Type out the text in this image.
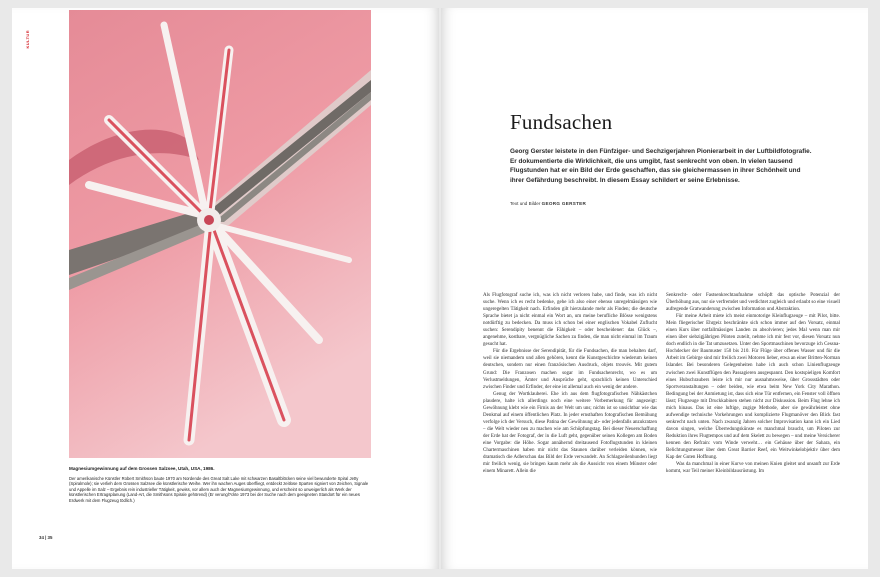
KULTUR

Magnesiumgewinnung auf dem Grossen Salzsee, Utah, USA, 1986.

Der amerikanische Künstler Robert Smithson baute 1970 am Nordende des Great Salt Lake mit schwarzen Basaltblöcken seine viel bewunderte Spiral Jetty (Spiralmole); sie verlieh dem Grossen Salzsee die künstlerische Weihe. Wer ihn wachen Auges überfliegt, entdeckt zeitlose Sparten signiert von Zeichen, Signale und Appelle im Salz – Ergebnis rein industrieller Tätigkeit, gewiss, vor allem auch der Magnesiumgewinnung, und erscheint so unweigerlich als Werk der künstlerischen Ertragsplanung (Land-Art, die Smithsons Spirale gehörend) (Er verungl?ckte 1973 bei der Suche nach dem geeigneten Standort für ein neues Erdwerk mit dem Flugzeug tödlich.)

34 | 35
Fundsachen

Georg Gerster leistete in den Fünfziger- und Sechzigerjahren Pionierarbeit in der Luftbildfotografie. Er dokumentierte die Wirklichkeit, die uns umgibt, fast senkrecht von oben. In vielen tausend Flugstunden hat er ein Bild der Erde geschaffen, das sie gleichermassen in ihrer Schönheit und ihrer Gefährdung beschreibt. In diesem Essay schildert er seine Erlebnisse.

Text und Bilder GEORG GERSTER

Als Flugfotograf suche ich, was ich nicht verloren habe, und finde, was ich nicht suche. Wenn ich es recht bedenke, gehe ich also einer ebenso unregelmässigen wie ungeregelten Tätigkeit nach. Erfinden gilt hierzulande mehr als Finden; die deutsche Sprache bietet ja nicht einmal ein Wort an, um meine berufliche Blösse wenigstens notdürftig zu bedecken. Da muss ich schon bei einer englischen Vokabel Zuflucht suchen: Serendipity benennt die Fähigkeit – oder bescheidener: das Glück –, angenehme, kostbare, vergnügliche Sachen zu finden, die man nicht einmal im Traum gesucht hat.

Für die Ergebnisse der Serendipität, für die Fundsachen, die man behalten darf, weil sie niemandem und allen gehören, kennt die Kunstgeschichte wiederum keinen deutschen, sondern nur einen französischen Ausdruck, objets trouvés. Mit gutem Grund: Die Franzosen machen sogar im Fundsachenrecht, wo es um Verlustmeldungen, Ämter und Ansprüche geht, sprachlich keinen Unterschied zwischen Finder und Erfinder, der eine ist allemal auch ein wenig der andere.

Genug der Wortklauberei. Ehe ich aus dem flugfotografischen Nähkästchen plaudere, halte ich allerdings noch eine weitere Vorbemerkung für angezeigt: Gewöhnung klebt wie ein Firnis an der Welt um uns; nichts ist so unsichtbar wie das Denkmal auf einem öffentlichen Platz. In jeder ernsthaften fotografischen Bemühung verfolge ich der Versuch, diese Patina der Gewöhnung ab- oder jedenfalls anzukratzen – die Welt wieder neu zu machen wie am Schöpfungstag. Bei dieser Neuerschaffung der Erde hat der Fotograf, der in die Luft geht, gegenüber seinen Kollegen am Boden eine Vorgabe: die Höhe. Sogar annähernd dreitausend Fotoflugstunden in kleinen Chartermaschinen haben mir nicht das Staunen darüber verleiden können, wie dramatisch die Adlerschau das Bild der Erde verwandelt. An Schlagzeilenhunden liegt mir freilich wenig, sie bringen kaum mehr als die Aussicht von einem Münster oder einem Minarett. Allein die

Senkrecht- oder Fastsenkrechtaufnahme schöpft das optische Potenzial der Überhöhung aus, nur sie verfremdet und verdichtet zugleich und erlaubt so eine visuell aufregende Gratwanderung zwischen Information und Abstraktion.

Für meine Arbeit miete ich meist einmotorige Kleinflugzeuge – mit Pilot, bitte. Mein fliegerischer Ehrgeiz beschränkte sich schon immer auf den Vorsatz, einmal einen Kurs über notfallmässiges Landen zu absolvieren; jedes Mal wenn man mir einen über siebzigjährigen Piloten zuteilt, nehme ich mir fest vor, diesen Vorsatz nun doch endlich in die Tat umzusetzen. Unter den Sportmaschinen bevorzuge ich Cessna-Hochdecker der Baumuster 150 bis 210. Für Flüge über offenes Wasser und für die Arbeit im Gebirge sind mir freilich zwei Motoren lieber, etwa an einer Britten-Norman Islander. Bei besonderen Gelegenheiten habe ich auch schon Linienflugzeuge zwischen zwei Kunstflügen den Passagieren ausgespannt. Den kostspieligen Komfort eines Hubschraubers leiste ich mir nur ausnahmsweise, über Grossstädten oder Sportveranstaltungen – oder beiden, wie etwa beim New York City Marathon. Bedingung bei der Anmietung ist, dass sich eine Tür entfernen, ein Fenster voll öffnen lässt; Flugzeuge mit Druckkabinen stehen nicht zur Diskussion. Beim Flug lehne ich mich hinaus. Das ist eine luftige, zugige Methode, aber sie gewährleistet ohne aufwendige technische Vorkehrungen und komplizierte Flugmanöver den Blick fast senkrecht nach unten. Nach zwanzig Jahren solcher Improvisation kann ich ein Lied davon singen, welche Überredungskünste es manchmal braucht, um Piloten zur Reduktion ihres Flugtempos und auf dem Skelett zu bewegen – und meine Versicherer kennen den Refrain: vom Winde verweht… ein Gehäuse über der Sahara, ein Belichtungsmesser über dem Great Barrier Reef, ein Weitwinkelobjektiv über dem Kap der Guten Hoffnung.

Was da manchmal in einer Kurve von meinen Knien gleitet und unsanft zur Erde kommt, war Teil meiner Kleinbildausrüstung. Im
